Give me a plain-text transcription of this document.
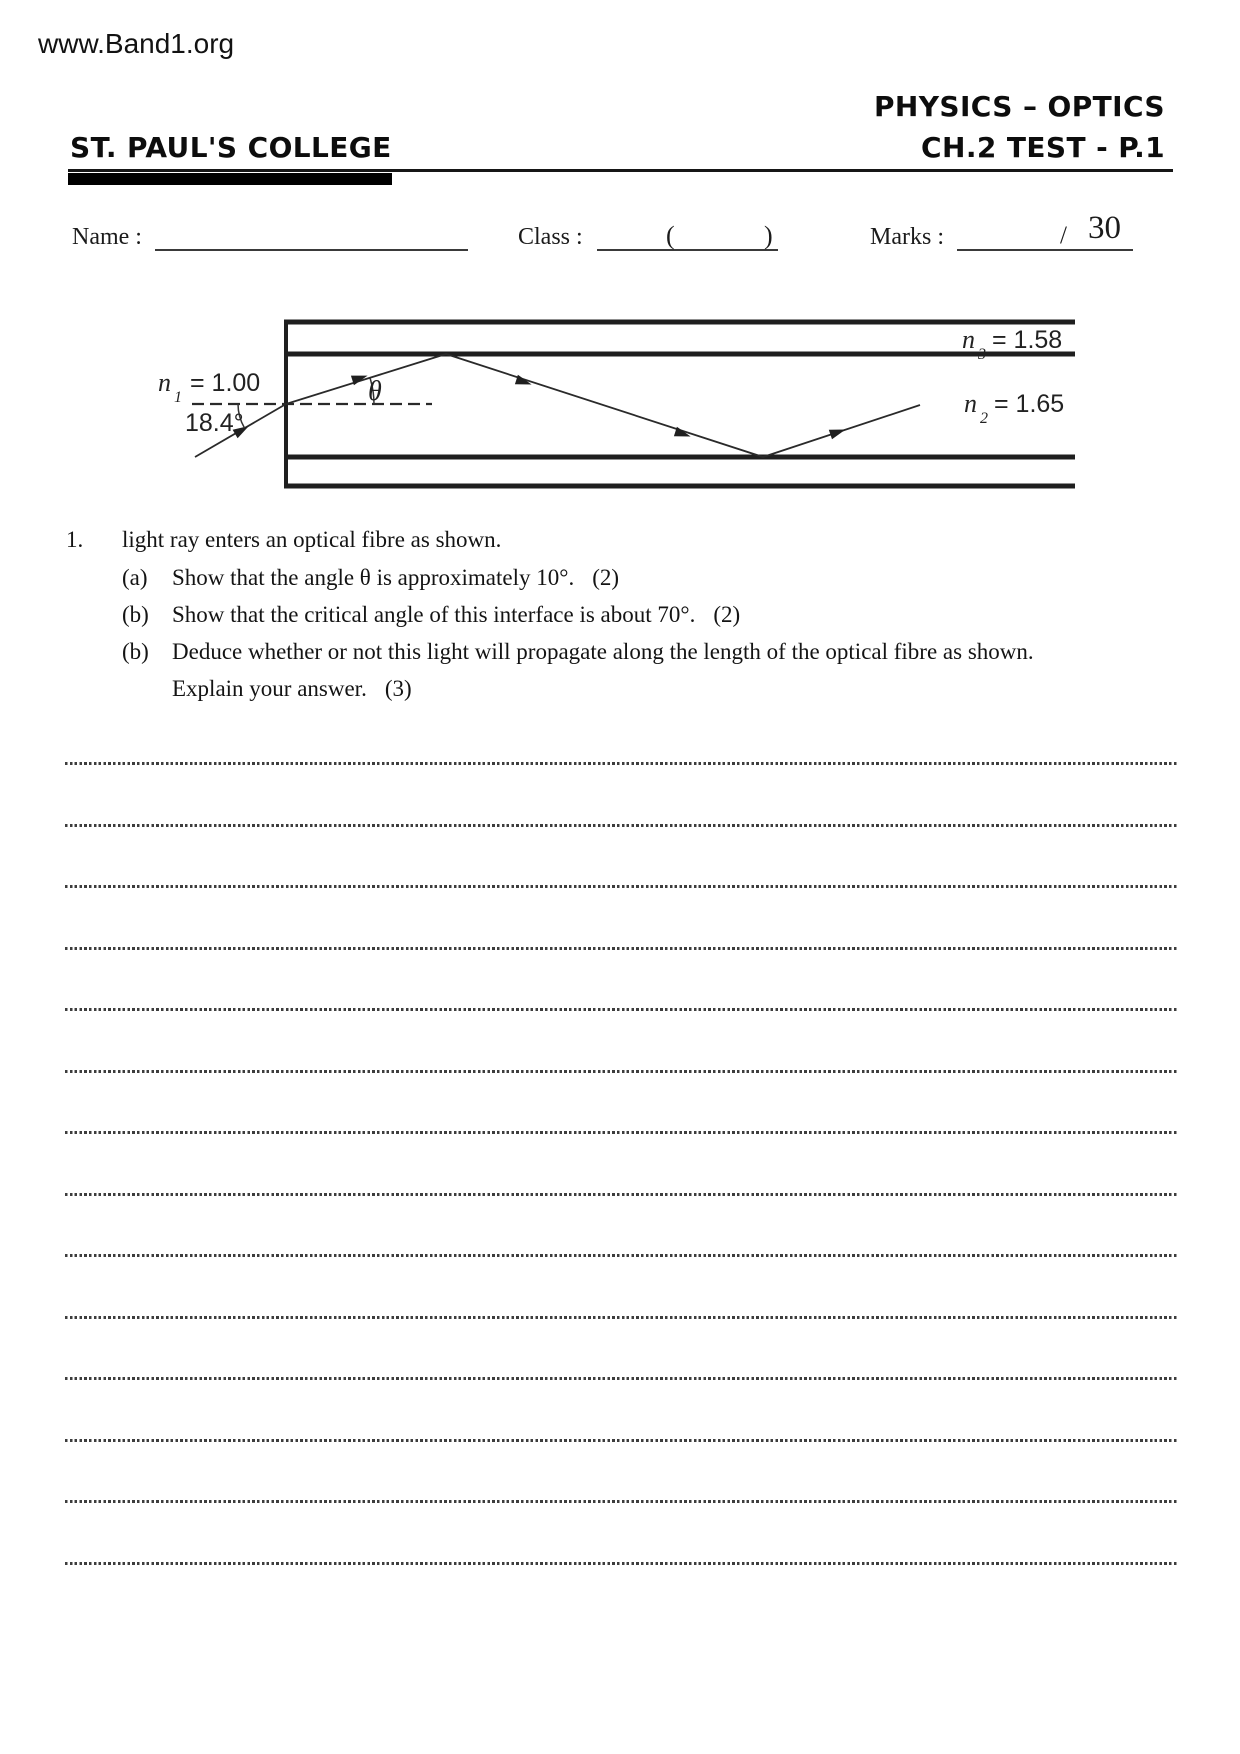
www.Band1.org
PHYSICS – OPTICS
ST. PAUL'S COLLEGE	CH.2 TEST - P.1
Name :	Class :	(	)	Marks :	/ 30
n
1
= 1.00
18.4°
θ
n
3
= 1.58
n
2
= 1.65
1. light ray enters an optical fibre as shown.
(a) Show that the angle θ is approximately 10°. (2)
(b) Show that the critical angle of this interface is about 70°. (2)
(b) Deduce whether or not this light will propagate along the length of the optical fibre as shown.
Explain your answer. (3)
